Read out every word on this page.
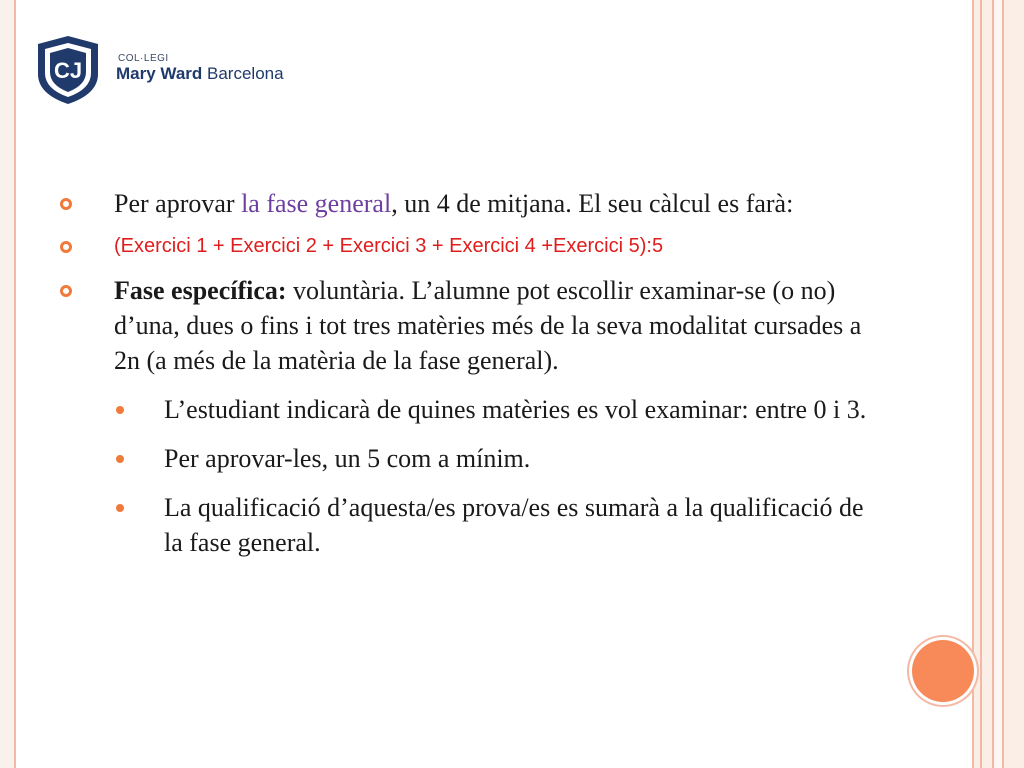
CJ	COL·LEGI
Mary Ward Barcelona
Per aprovar la fase general, un 4 de mitjana. El seu càlcul es farà:
(Exercici 1 + Exercici 2 + Exercici 3 + Exercici 4 +Exercici 5):5
Fase específica: voluntària. L’alumne pot escollir examinar-se (o no) d’una, dues o fins i tot tres matèries més de la seva modalitat cursades a 2n (a més de la matèria de la fase general).
L’estudiant indicarà de quines matèries es vol examinar: entre 0 i 3.
Per aprovar-les, un 5 com a mínim.
La qualificació d’aquesta/es prova/es es sumarà a la qualificació de la fase general.
